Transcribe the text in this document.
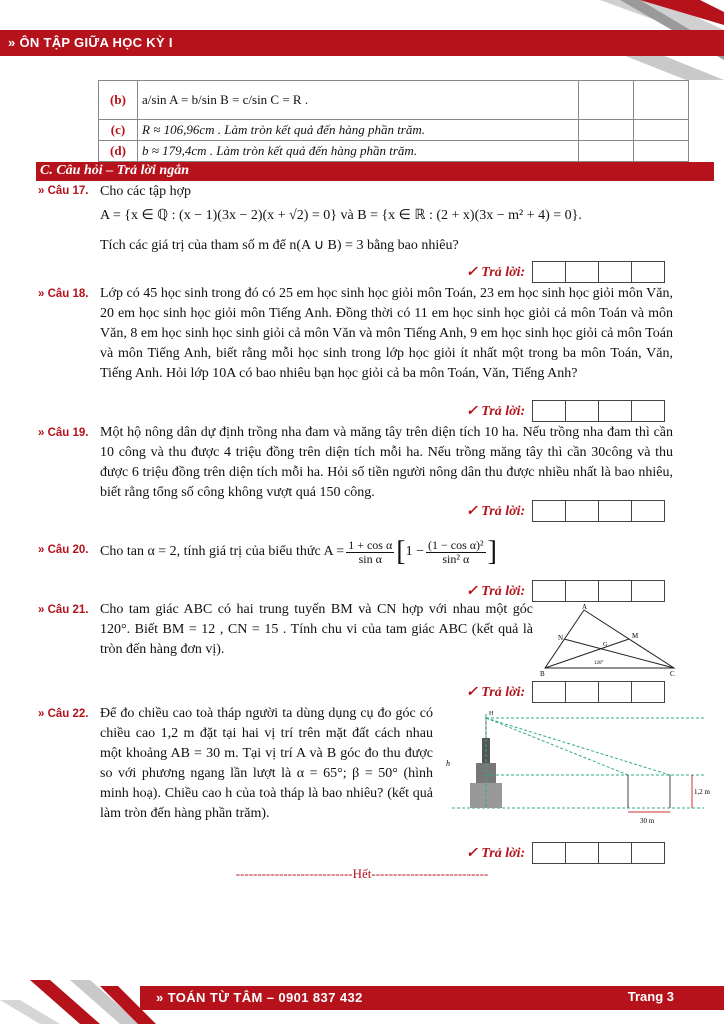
» ÔN TẬP GIỮA HỌC KỲ I
(b)	a/sin A = b/sin B = c/sin C = R .		
(c)	R ≈ 106,96cm . Làm tròn kết quả đến hàng phần trăm.		
(d)	b ≈ 179,4cm . Làm tròn kết quả đến hàng phần trăm.		
C. Câu hỏi – Trả lời ngắn
» Câu 17. Cho các tập hợp
A = {x ∈ ℚ : (x − 1)(3x − 2)(x + √2) = 0} và B = {x ∈ ℝ : (2 + x)(3x − m² + 4) = 0}.
Tích các giá trị của tham số m để n(A ∪ B) = 3 bằng bao nhiêu?
✓ Trả lời:
» Câu 18. Lớp có 45 học sinh trong đó có 25 em học sinh học giỏi môn Toán, 23 em học sinh học giỏi môn Văn, 20 em học sinh học giỏi môn Tiếng Anh. Đồng thời có 11 em học sinh học giỏi cả môn Toán và môn Văn, 8 em học sinh học sinh giỏi cả môn Văn và môn Tiếng Anh, 9 em học sinh học giỏi cả môn Toán và môn Tiếng Anh, biết rằng mỗi học sinh trong lớp học giỏi ít nhất một trong ba môn Toán, Văn, Tiếng Anh. Hỏi lớp 10A có bao nhiêu bạn học giỏi cả ba môn Toán, Văn, Tiếng Anh?
✓ Trả lời:
» Câu 19. Một hộ nông dân dự định trồng nha đam và măng tây trên diện tích 10 ha. Nếu trồng nha đam thì cần 10 công và thu được 4 triệu đồng trên diện tích mỗi ha. Nếu trồng măng tây thì cần 30công và thu được 6 triệu đồng trên diện tích mỗi ha. Hỏi số tiền người nông dân thu được nhiều nhất là bao nhiêu, biết rằng tổng số công không vượt quá 150 công.
✓ Trả lời:
» Câu 20. Cho tan α = 2, tính giá trị của biểu thức $A = \frac{\text{1 + cos α}}{\text{sin α}}$ [ $1 - \frac{\text{(1 − cos α)²}}{\text{sin² α}}$ ]
✓ Trả lời:
» Câu 21. Cho tam giác ABC có hai trung tuyến BM và CN hợp với nhau một góc 120°. Biết BM = 12 , CN = 15 . Tính chu vi của tam giác ABC (kết quả là tròn đến hàng đơn vị).
A
B	C
M
N
G
120°
✓ Trả lời:
» Câu 22. Để đo chiều cao toà tháp người ta dùng dụng cụ đo góc có chiều cao 1,2 m đặt tại hai vị trí trên mặt đất cách nhau một khoảng AB = 30 m. Tại vị trí A và B góc đo thu được so với phương ngang lần lượt là α = 65°; β = 50° (hình minh hoạ). Chiều cao h của toà tháp là bao nhiêu? (kết quả làm tròn đến hàng phần trăm).
h
H
1,2 m
30 m
✓ Trả lời:
---------------------------Hết---------------------------
» TOÁN TỪ TÂM – 0901 837 432	Trang 3
